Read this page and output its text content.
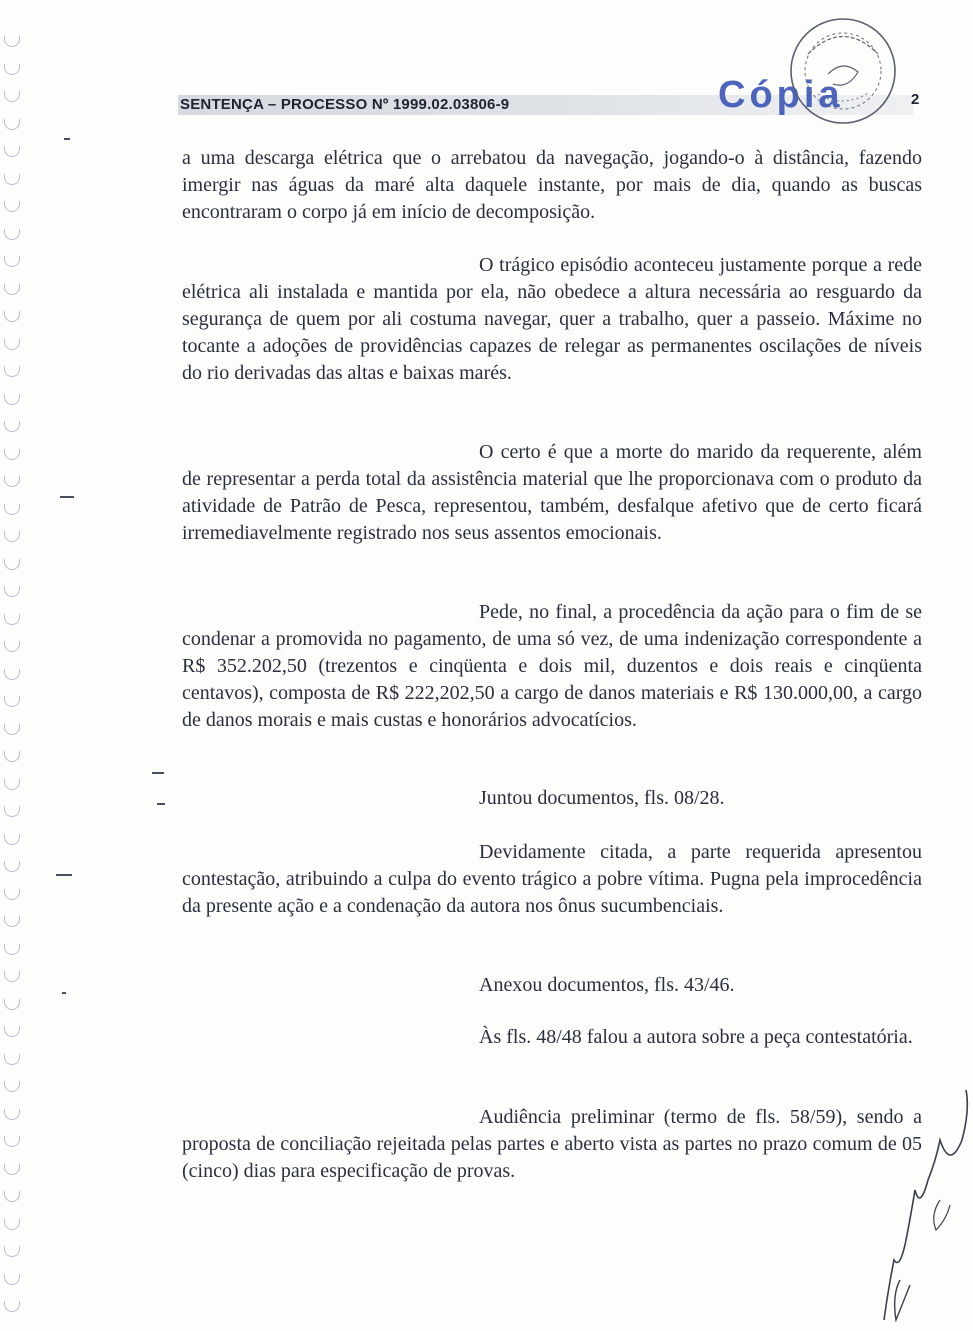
SENTENÇA – PROCESSO Nº 1999.02.03806-9	Cópia	2

a uma descarga elétrica que o arrebatou da navegação, jogando-o à distância, fazendo imergir nas águas da maré alta daquele instante, por mais de dia, quando as buscas encontraram o corpo já em início de decomposição.

O trágico episódio aconteceu justamente porque a rede elétrica ali instalada e mantida por ela, não obedece a altura necessária ao resguardo da segurança de quem por ali costuma navegar, quer a trabalho, quer a passeio. Máxime no tocante a adoções de providências capazes de relegar as permanentes oscilações de níveis do rio derivadas das altas e baixas marés.

O certo é que a morte do marido da requerente, além de representar a perda total da assistência material que lhe proporcionava com o produto da atividade de Patrão de Pesca, representou, também, desfalque afetivo que de certo ficará irremediavelmente registrado nos seus assentos emocionais.

Pede, no final, a procedência da ação para o fim de se condenar a promovida no pagamento, de uma só vez, de uma indenização correspondente a R$ 352.202,50 (trezentos e cinqüenta e dois mil, duzentos e dois reais e cinqüenta centavos), composta de R$ 222,202,50 a cargo de danos materiais e R$ 130.000,00, a cargo de danos morais e mais custas e honorários advocatícios.

Juntou documentos, fls. 08/28.

Devidamente citada, a parte requerida apresentou contestação, atribuindo a culpa do evento trágico a pobre vítima. Pugna pela improcedência da presente ação e a condenação da autora nos ônus sucumbenciais.

Anexou documentos, fls. 43/46.

Às fls. 48/48 falou a autora sobre a peça contestatória.

Audiência preliminar (termo de fls. 58/59), sendo a proposta de conciliação rejeitada pelas partes e aberto vista as partes no prazo comum de 05 (cinco) dias para especificação de provas.
